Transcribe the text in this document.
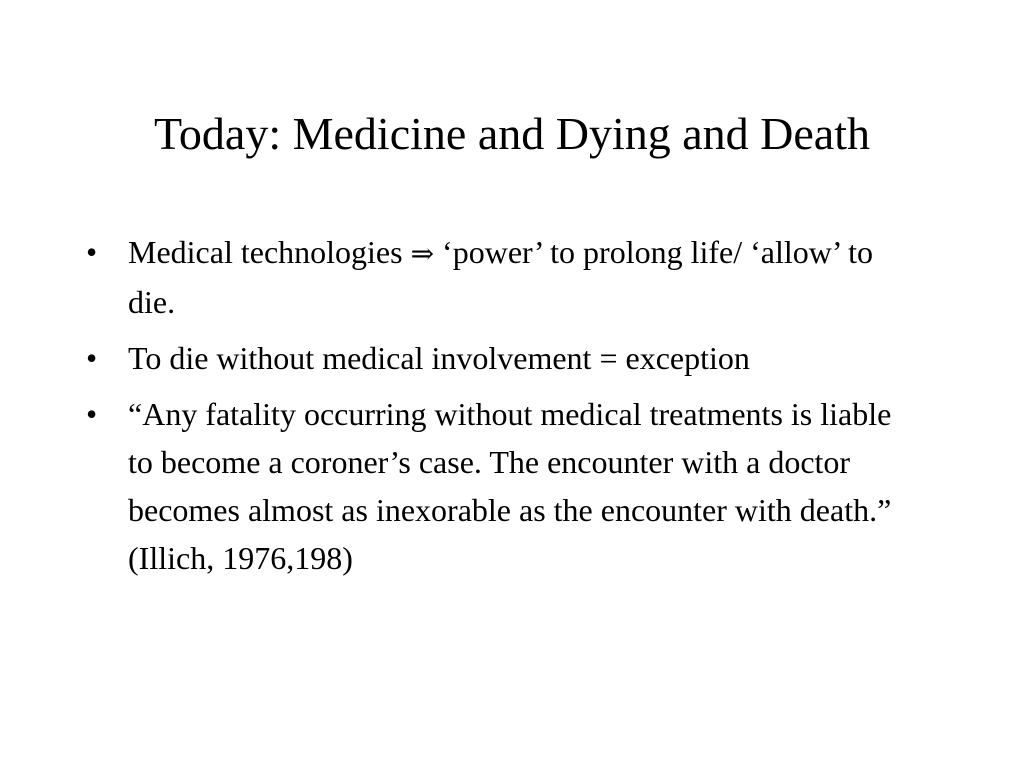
Today: Medicine and Dying and Death
• Medical technologies ⇒ ‘power’ to prolong life/ ‘allow’ to die.
• To die without medical involvement = exception
• “Any fatality occurring without medical treatments is liable to become a coroner’s case. The encounter with a doctor becomes almost as inexorable as the encounter with death.” (Illich, 1976,198)
